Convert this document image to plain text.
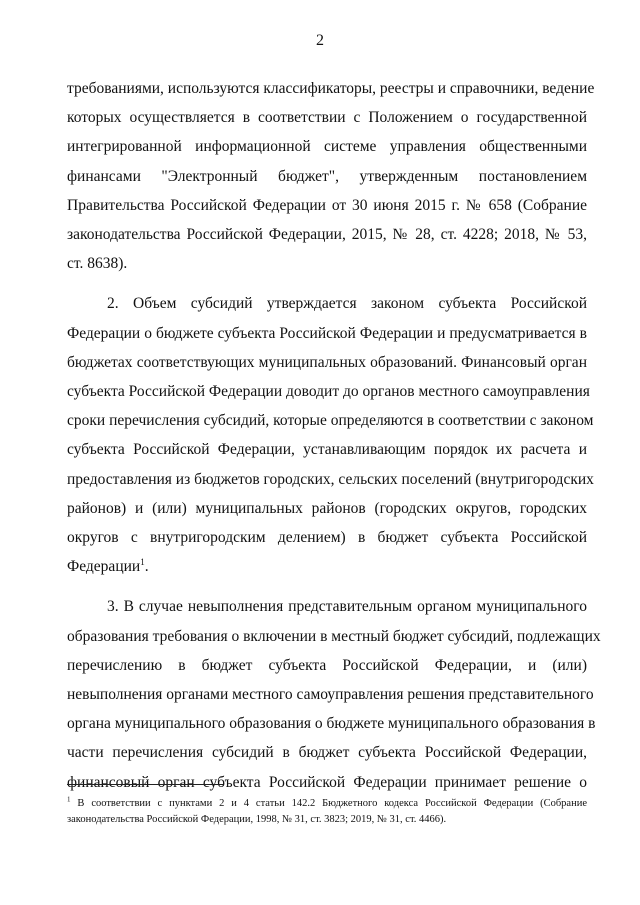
2
требованиями, используются классификаторы, реестры и справочники, ведение
которых осуществляется в соответствии с Положением о государственной
интегрированной информационной системе управления общественными
финансами "Электронный бюджет", утвержденным постановлением
Правительства Российской Федерации от 30 июня 2015 г. № 658 (Собрание
законодательства Российской Федерации, 2015, № 28, ст. 4228; 2018, № 53,
ст. 8638).
2. Объем субсидий утверждается законом субъекта Российской
Федерации о бюджете субъекта Российской Федерации и предусматривается в
бюджетах соответствующих муниципальных образований. Финансовый орган
субъекта Российской Федерации доводит до органов местного самоуправления
сроки перечисления субсидий, которые определяются в соответствии с законом
субъекта Российской Федерации, устанавливающим порядок их расчета и
предоставления из бюджетов городских, сельских поселений (внутригородских
районов) и (или) муниципальных районов (городских округов, городских
округов с внутригородским делением) в бюджет субъекта Российской
Федерации$^1$.
3. В случае невыполнения представительным органом муниципального
образования требования о включении в местный бюджет субсидий, подлежащих
перечислению в бюджет субъекта Российской Федерации, и (или)
невыполнения органами местного самоуправления решения представительного
органа муниципального образования о бюджете муниципального образования в
части перечисления субсидий в бюджет субъекта Российской Федерации,
финансовый орган субъекта Российской Федерации принимает решение о
$^1$ В соответствии с пунктами 2 и 4 статьи 142.2 Бюджетного кодекса Российской Федерации (Собрание
законодательства Российской Федерации, 1998, № 31, ст. 3823; 2019, № 31, ст. 4466).
